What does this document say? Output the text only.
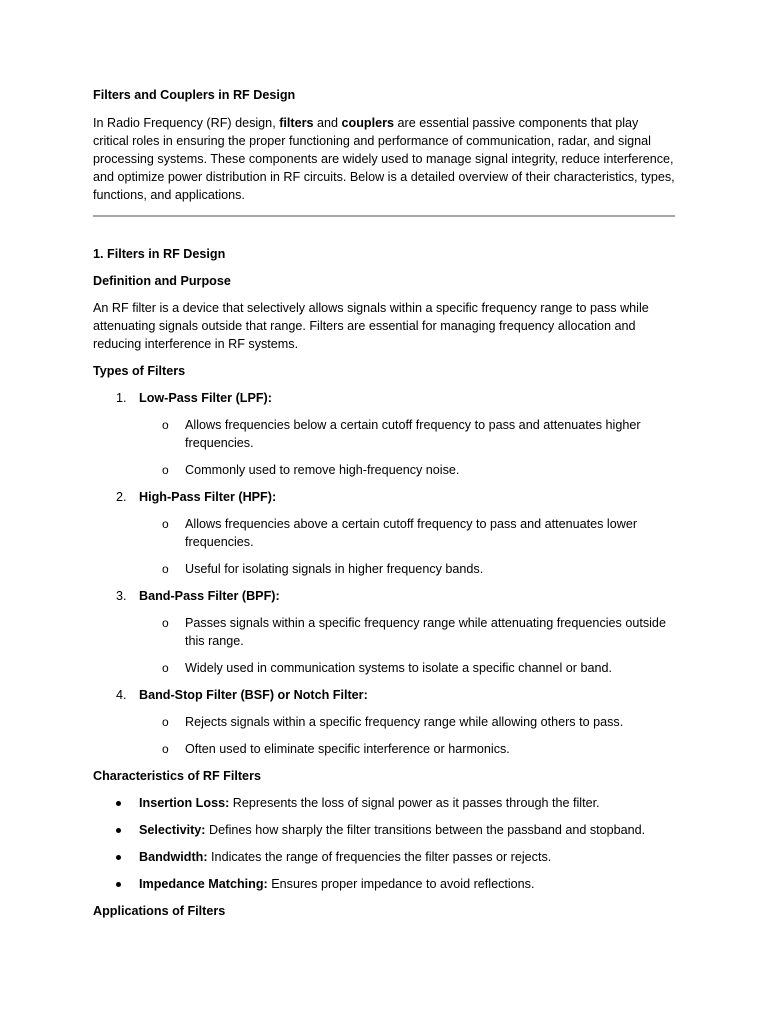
Filters and Couplers in RF Design

In Radio Frequency (RF) design, filters and couplers are essential passive components that play critical roles in ensuring the proper functioning and performance of communication, radar, and signal processing systems. These components are widely used to manage signal integrity, reduce interference, and optimize power distribution in RF circuits. Below is a detailed overview of their characteristics, types, functions, and applications.

1. Filters in RF Design

Definition and Purpose

An RF filter is a device that selectively allows signals within a specific frequency range to pass while attenuating signals outside that range. Filters are essential for managing frequency allocation and reducing interference in RF systems.

Types of Filters

1. Low-Pass Filter (LPF):
o Allows frequencies below a certain cutoff frequency to pass and attenuates higher frequencies.
o Commonly used to remove high-frequency noise.
2. High-Pass Filter (HPF):
o Allows frequencies above a certain cutoff frequency to pass and attenuates lower frequencies.
o Useful for isolating signals in higher frequency bands.
3. Band-Pass Filter (BPF):
o Passes signals within a specific frequency range while attenuating frequencies outside this range.
o Widely used in communication systems to isolate a specific channel or band.
4. Band-Stop Filter (BSF) or Notch Filter:
o Rejects signals within a specific frequency range while allowing others to pass.
o Often used to eliminate specific interference or harmonics.

Characteristics of RF Filters

Insertion Loss: Represents the loss of signal power as it passes through the filter.
Selectivity: Defines how sharply the filter transitions between the passband and stopband.
Bandwidth: Indicates the range of frequencies the filter passes or rejects.
Impedance Matching: Ensures proper impedance to avoid reflections.

Applications of Filters
